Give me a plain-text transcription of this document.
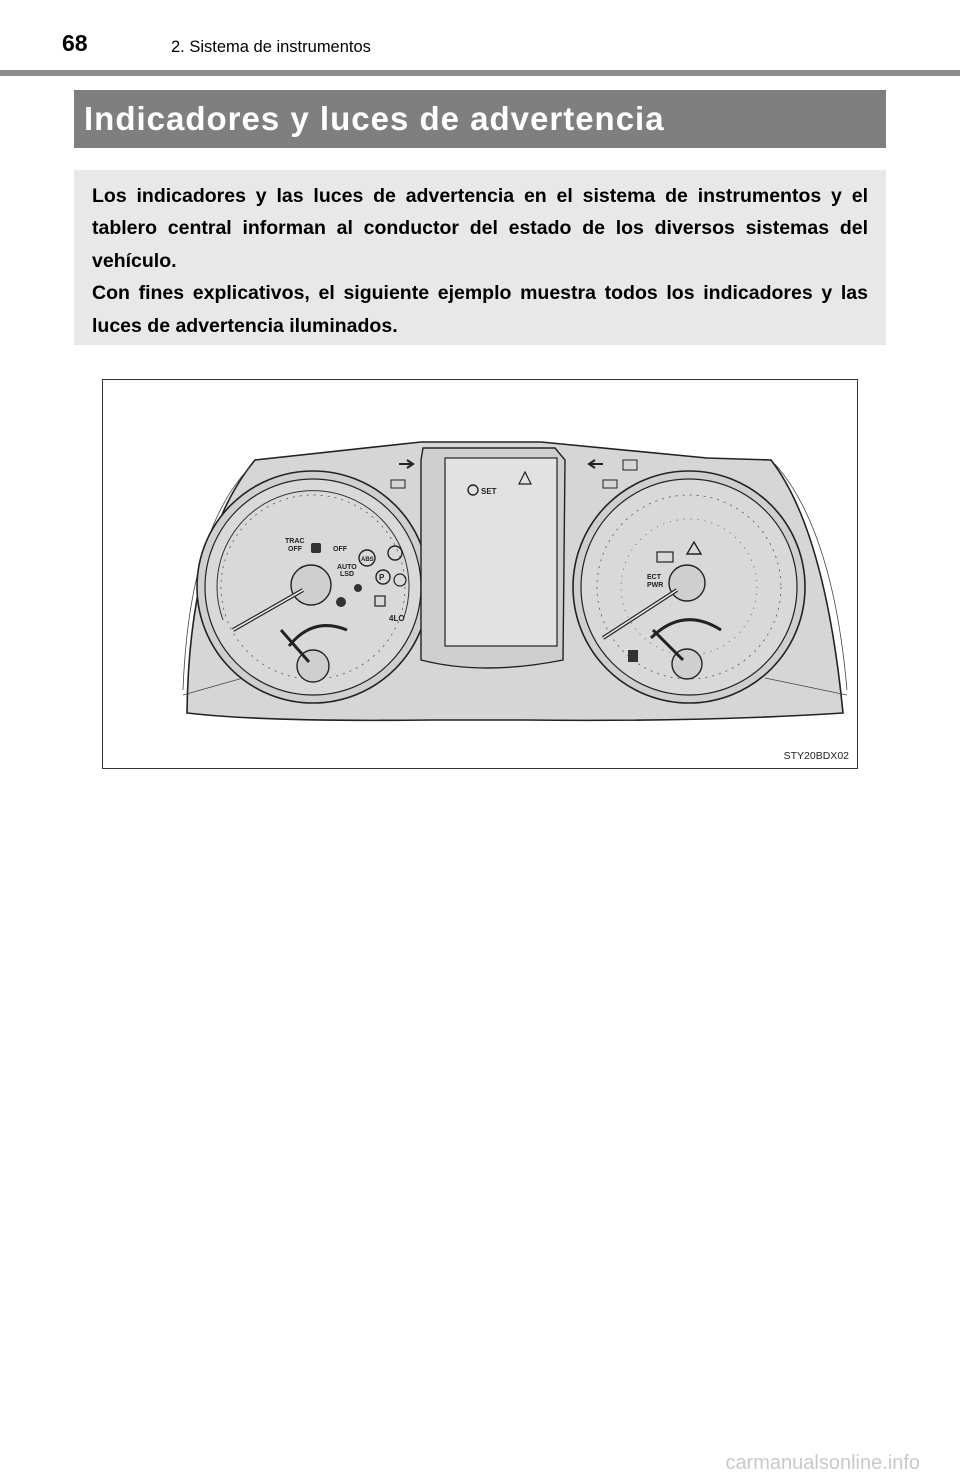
68	2. Sistema de instrumentos
Indicadores y luces de advertencia

Los indicadores y las luces de advertencia en el sistema de instrumentos y el tablero central informan al conductor del estado de los diversos sistemas del vehículo.

Con fines explicativos, el siguiente ejemplo muestra todos los indicadores y las luces de advertencia iluminados.

TRAC
OFF	OFF
ABS
AUTO
LSD	P
4LO
SET
ECT
PWR
STY20BDX02
carmanualsonline.info
